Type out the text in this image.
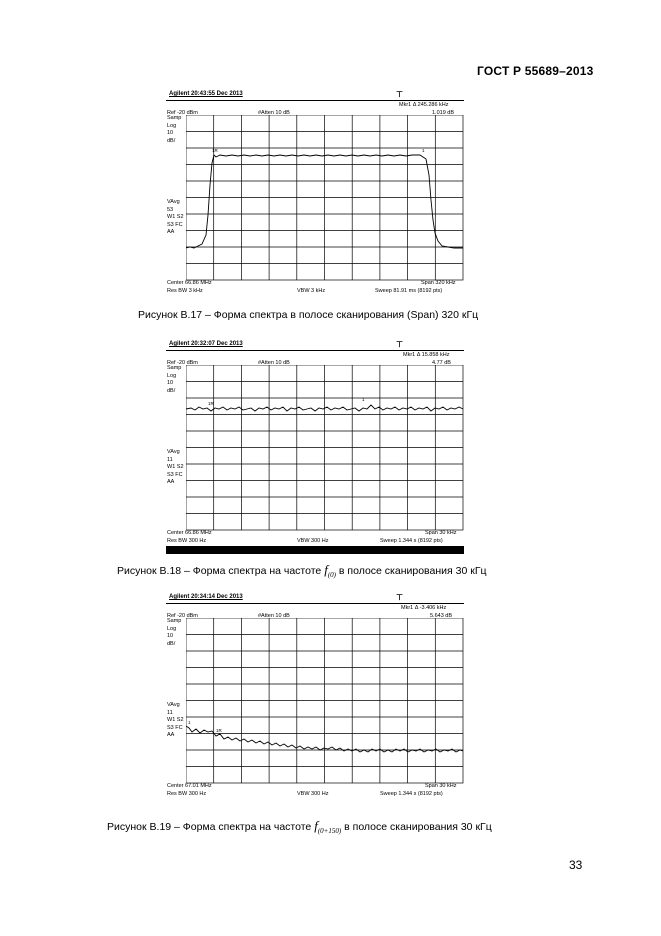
ГОСТ Р 55689–2013
Agilent 20:43:55 Dec 2013	⊤
Mkr1 Δ 245.286 kHz
Ref -20 dBm	#Atten 10 dB	1.019 dB
Samp
Log
10
dB/
VAvg
53
W1 S2
S3 FC
AA
1R	1
Center 66.86 MHz	Span 320 kHz
Res BW 3 kHz	VBW 3 kHz	Sweep 81.91 ms (8192 pts)
Рисунок В.17 – Форма спектра в полосе сканирования (Span) 320 кГц
Agilent 20:32:07 Dec 2013	⊤
Mkr1 Δ 15.858 kHz
Ref -20 dBm	#Atten 10 dB	4.77 dB
Samp
Log
10
dB/
VAvg
11
W1 S2
S3 FC
AA
1R
1
Center 66.86 MHz	Span 30 kHz
Res BW 300 Hz	VBW 300 Hz	Sweep 1.344 s (8192 pts)
Рисунок В.18 – Форма спектра на частоте $f_{(0)}$ в полосе сканирования 30 кГц
Agilent 20:34:14 Dec 2013	⊤
Mkr1 Δ -3.406 kHz
Ref -20 dBm	#Atten 10 dB	5.643 dB
Samp
Log
10
dB/
VAvg
11
W1 S2
S3 FC
AA
1
1R
Center 67.01 MHz	Span 30 kHz
Res BW 300 Hz	VBW 300 Hz	Sweep 1.344 s (8192 pts)
Рисунок В.19 – Форма спектра на частоте $f_{(0+150)}$ в полосе сканирования 30 кГц
33
